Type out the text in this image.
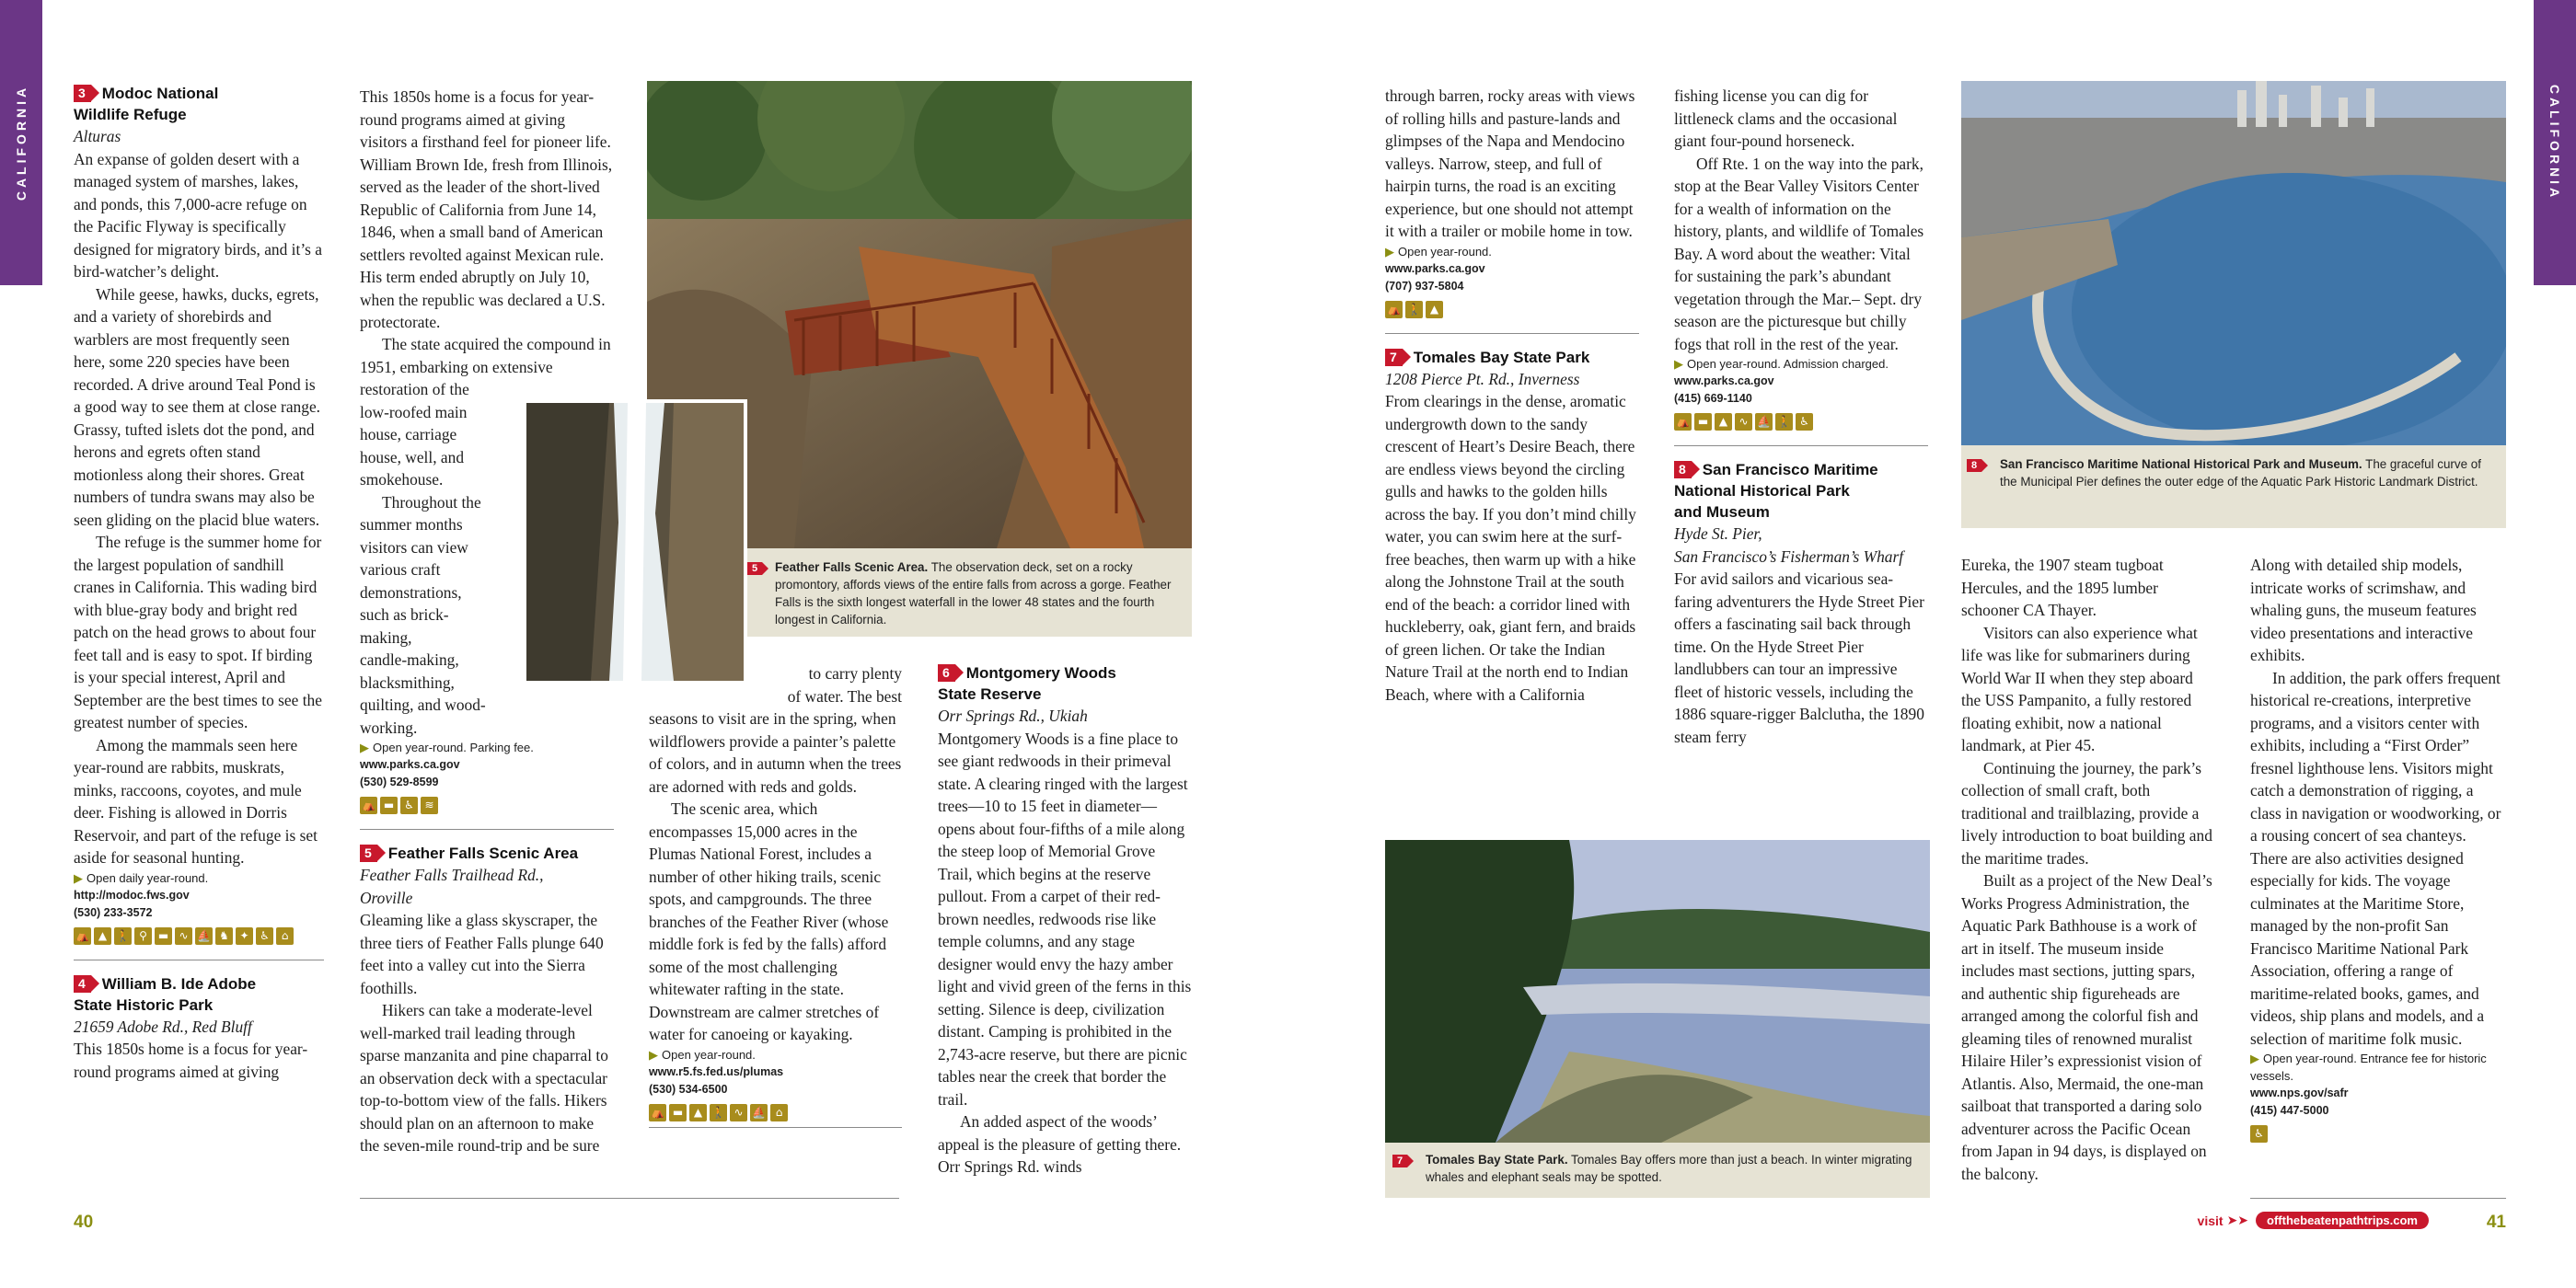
CALIFORNIA	CALIFORNIA

3 Modoc National
Wildlife Refuge

Alturas

An expanse of golden desert with a managed system of marshes, lakes, and ponds, this 7,000-acre refuge on the Pacific Flyway is specifically designed for migratory birds, and it’s a bird-watcher’s delight.

While geese, hawks, ducks, egrets, and a variety of shorebirds and warblers are most frequently seen here, some 220 species have been recorded. A drive around Teal Pond is a good way to see them at close range. Grassy, tufted islets dot the pond, and herons and egrets often stand motionless along their shores. Great numbers of tundra swans may also be seen gliding on the placid blue waters.

The refuge is the summer home for the largest population of sandhill cranes in California. This wading bird with blue-gray body and bright red patch on the head grows to about four feet tall and is easy to spot. If birding is your special interest, April and September are the best times to see the greatest number of species.

Among the mammals seen here year-round are rabbits, muskrats, minks, raccoons, coyotes, and mule deer. Fishing is allowed in Dorris Reservoir, and part of the refuge is set aside for seasonal hunting.

▶ Open daily year-round.

http://modoc.fws.gov
(530) 233-3572

⛺ ▲ 🚶 ⚲ ▬ ∿ ⛵ ♞ ✦ ♿	⌂

4 William B. Ide Adobe
State Historic Park

21659 Adobe Rd., Red Bluff

This 1850s home is a focus for year-round programs aimed at giving

This 1850s home is a focus for year-round programs aimed at giving visitors a firsthand feel for pioneer life. William Brown Ide, fresh from Illinois, served as the leader of the short-lived Republic of California from June 14, 1846, when a small band of American settlers revolted against Mexican rule. His term ended abruptly on July 10, when the republic was declared a U.S. protectorate.

The state acquired the compound in 1951, embarking on extensive

restoration of the
low-roofed main
house, carriage
house, well, and
smokehouse.
Throughout the
summer months
visitors can view
various craft
demonstrations,
such as brick-
making,
candle-making,
blacksmithing,
quilting, and wood-
working.

▶ Open year-round. Parking fee.

www.parks.ca.gov
(530) 529-8599

⛺ ▬ ♿ ≋

5 Feather Falls Scenic Area

Feather Falls Trailhead Rd.,
Oroville

Gleaming like a glass skyscraper, the three tiers of Feather Falls plunge 640 feet into a valley cut into the Sierra foothills.

Hikers can take a moderate-level well-marked trail leading through sparse manzanita and pine chaparral to an observation deck with a spectacular top-to-bottom view of the falls. Hikers should plan on an afternoon to make the seven-mile round-trip and be sure

5	Feather Falls Scenic Area. The observation deck, set on a rocky promontory, affords views of the entire falls from across a gorge. Feather Falls is the sixth longest waterfall in the lower 48 states and the fourth longest in California.

to carry plenty

of water. The best

seasons to visit are in the spring, when wildflowers provide a painter’s palette of colors, and in autumn when the trees are adorned with reds and golds.

The scenic area, which encompasses 15,000 acres in the Plumas National Forest, includes a number of other hiking trails, scenic spots, and campgrounds. The three branches of the Feather River (whose middle fork is fed by the falls) afford some of the most challenging whitewater rafting in the state. Downstream are calmer stretches of water for canoeing or kayaking.

▶ Open year-round.

www.r5.fs.fed.us/plumas
(530) 534-6500

⛺ ▬ ▲ 🚶 ∿ ⛵ ⌂

6 Montgomery Woods
State Reserve

Orr Springs Rd., Ukiah

Montgomery Woods is a fine place to see giant redwoods in their primeval state. A clearing ringed with the largest trees—10 to 15 feet in diameter—opens about four-fifths of a mile along the steep loop of Memorial Grove Trail, which begins at the reserve pullout. From a carpet of their red-brown needles, redwoods rise like temple columns, and any stage designer would envy the hazy amber light and vivid green of the ferns in this setting. Silence is deep, civilization distant. Camping is prohibited in the 2,743-acre reserve, but there are picnic tables near the creek that border the trail.

An added aspect of the woods’ appeal is the pleasure of getting there. Orr Springs Rd. winds

through barren, rocky areas with views of rolling hills and pasture-lands and glimpses of the Napa and Mendocino valleys. Narrow, steep, and full of hairpin turns, the road is an exciting experience, but one should not attempt it with a trailer or mobile home in tow.

▶ Open year-round.

www.parks.ca.gov
(707) 937-5804

⛺ 🚶 ▲

7 Tomales Bay State Park

1208 Pierce Pt. Rd., Inverness

From clearings in the dense, aromatic undergrowth down to the sandy crescent of Heart’s Desire Beach, there are endless views beyond the circling gulls and hawks to the golden hills across the bay. If you don’t mind chilly water, you can swim here at the surf-free beaches, then warm up with a hike along the Johnstone Trail at the south end of the beach: a corridor lined with huckleberry, oak, giant fern, and braids of green lichen. Or take the Indian Nature Trail at the north end to Indian Beach, where with a California

7	Tomales Bay State Park. Tomales Bay offers more than just a beach. In winter migrating whales and elephant seals may be spotted.

fishing license you can dig for littleneck clams and the occasional giant four-pound horseneck.

Off Rte. 1 on the way into the park, stop at the Bear Valley Visitors Center for a wealth of information on the history, plants, and wildlife of Tomales Bay. A word about the weather: Vital for sustaining the park’s abundant vegetation through the Mar.– Sept. dry season are the picturesque but chilly fogs that roll in the rest of the year.

▶ Open year-round. Admission charged.

www.parks.ca.gov
(415) 669-1140

⛺ ▬ ▲	∿ ⛵ 🚶 ♿

8 San Francisco Maritime
National Historical Park
and Museum

Hyde St. Pier,
San Francisco’s Fisherman’s Wharf

For avid sailors and vicarious sea-faring adventurers the Hyde Street Pier offers a fascinating sail back through time. On the Hyde Street Pier landlubbers can tour an impressive fleet of historic vessels, including the 1886 square-rigger Balclutha, the 1890 steam ferry

8	San Francisco Maritime National Historical Park and Museum. The graceful curve of the Municipal Pier defines the outer edge of the Aquatic Park Historic Landmark District.

Eureka, the 1907 steam tugboat Hercules, and the 1895 lumber schooner CA Thayer.

Visitors can also experience what life was like for submariners during World War II when they step aboard the USS Pampanito, a fully restored floating exhibit, now a national landmark, at Pier 45.

Continuing the journey, the park’s collection of small craft, both traditional and trailblazing, provide a lively introduction to boat building and the maritime trades.

Built as a project of the New Deal’s Works Progress Administration, the Aquatic Park Bathhouse is a work of art in itself. The museum inside includes mast sections, jutting spars, and authentic ship figureheads are arranged among the colorful fish and gleaming tiles of renowned muralist Hilaire Hiler’s expressionist vision of Atlantis. Also, Mermaid, the one-man sailboat that transported a daring solo adventurer across the Pacific Ocean from Japan in 94 days, is displayed on the balcony.

Along with detailed ship models, intricate works of scrimshaw, and whaling guns, the museum features video presentations and interactive exhibits.

In addition, the park offers frequent historical re-creations, interpretive programs, and a visitors center with exhibits, including a “First Order” fresnel lighthouse lens. Visitors might catch a demonstration of rigging, a class in navigation or woodworking, or a rousing concert of sea chanteys. There are also activities designed especially for kids. The voyage culminates at the Maritime Store, managed by the non-profit San Francisco Maritime National Park Association, offering a range of maritime-related books, games, and videos, ship plans and models, and a selection of maritime folk music.

▶ Open year-round. Entrance fee for historic vessels.

www.nps.gov/safr
(415) 447-5000

♿
40	41
visit ➤➤	offthebeatenpathtrips.com
